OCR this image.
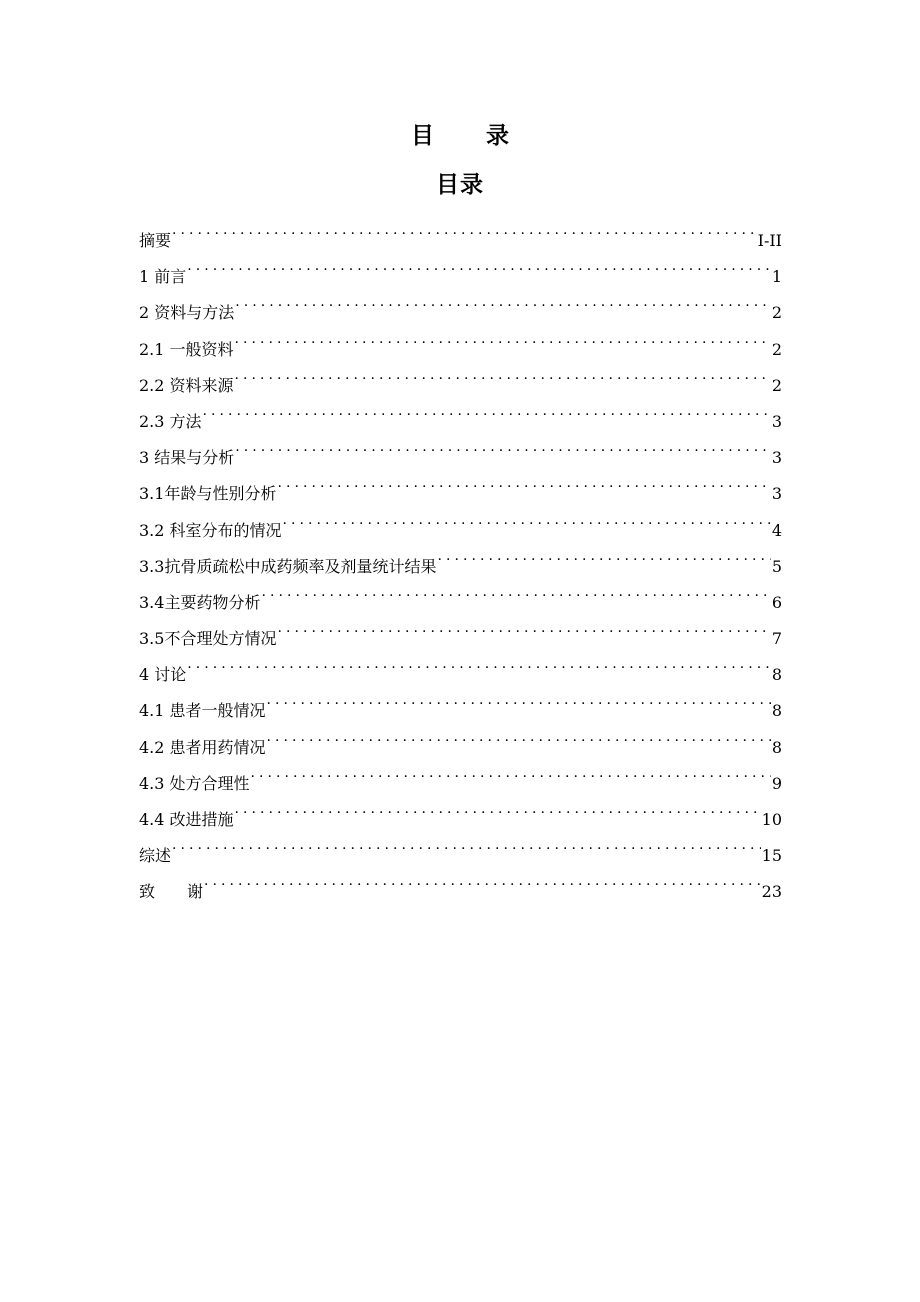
目 录
目录
摘要 .....	I-II
1 前言 .....	1
2 资料与方法 .....	2
2.1 一般资料 .....	2
2.2 资料来源 .....	2
2.3 方法 .....	3
3 结果与分析 .....	3
3.1年龄与性别分析 .....	3
3.2 科室分布的情况 .....	4
3.3抗骨质疏松中成药频率及剂量统计结果 .....	5
3.4主要药物分析 .....	6
3.5不合理处方情况 .....	7
4 讨论 .....	8
4.1 患者一般情况 .....	8
4.2 患者用药情况 .....	8
4.3 处方合理性 .....	9
4.4 改进措施 .....	10
综述 .....	15
致　　谢 .....	23
